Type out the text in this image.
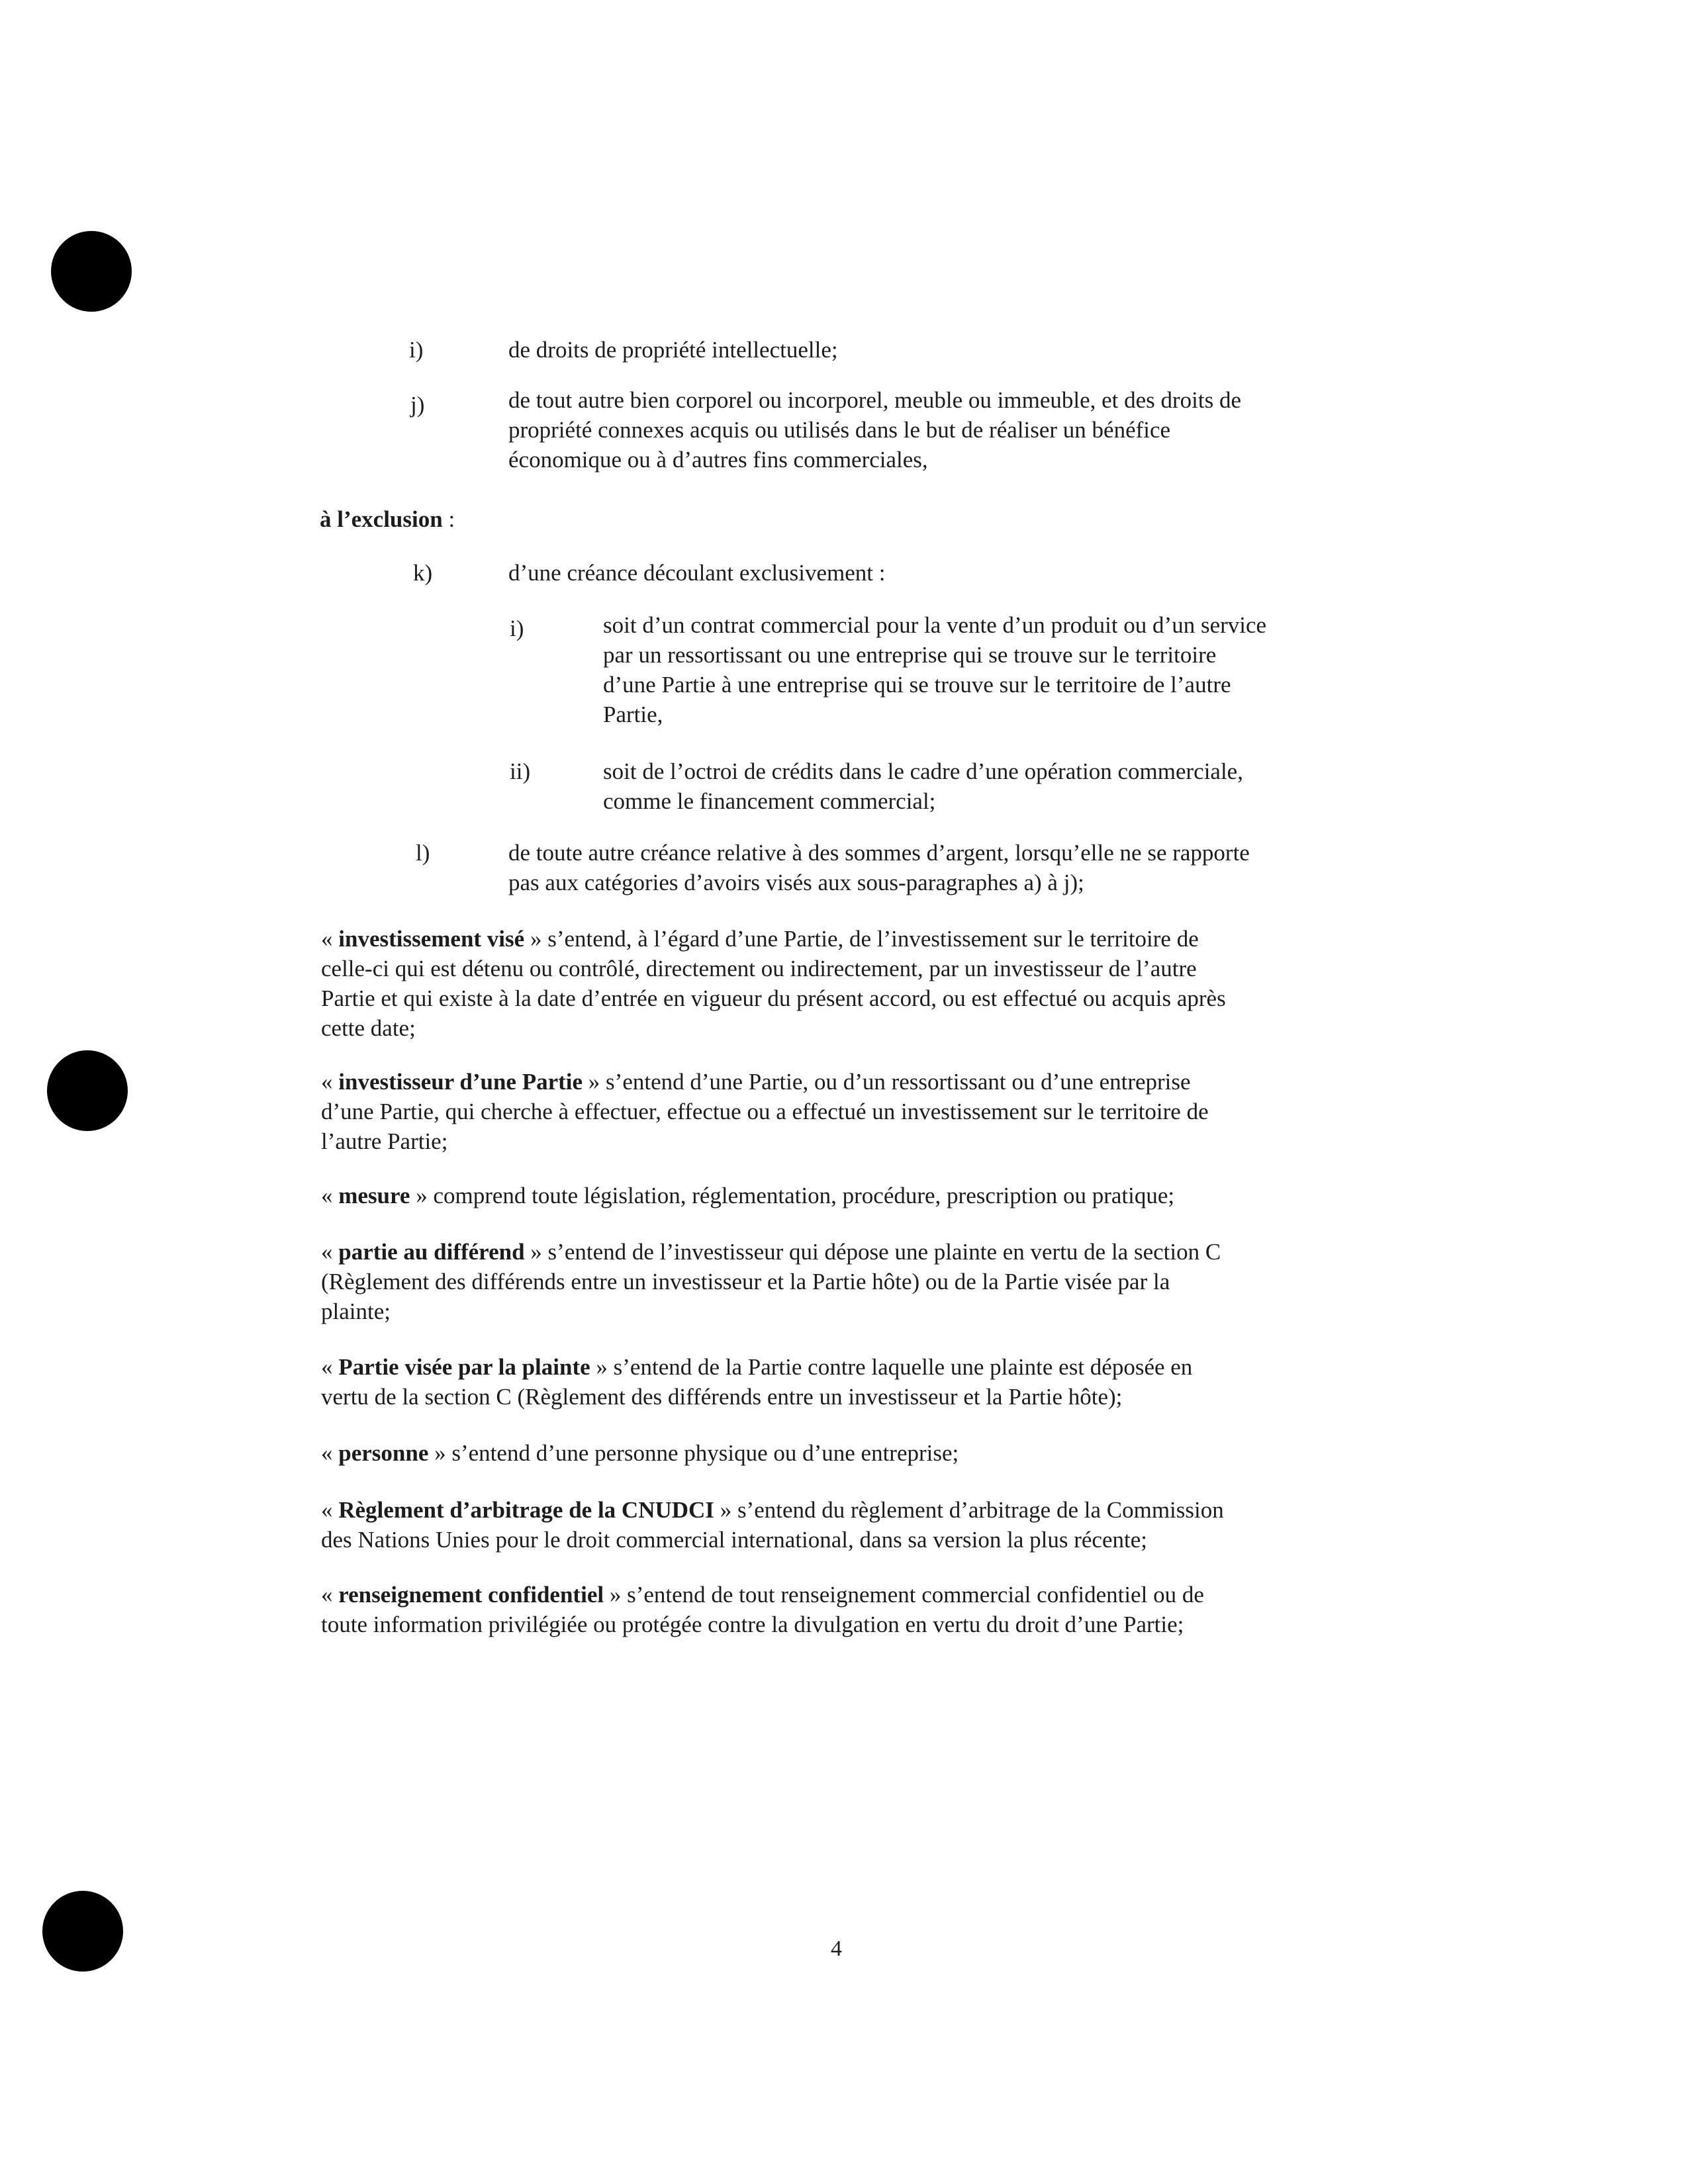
i)	de droits de propriété intellectuelle;
j)	de tout autre bien corporel ou incorporel, meuble ou immeuble, et des droits de
propriété connexes acquis ou utilisés dans le but de réaliser un bénéfice
économique ou à d’autres fins commerciales,
à l’exclusion :
k)	d’une créance découlant exclusivement :
i)	soit d’un contrat commercial pour la vente d’un produit ou d’un service
par un ressortissant ou une entreprise qui se trouve sur le territoire
d’une Partie à une entreprise qui se trouve sur le territoire de l’autre
Partie,
ii)	soit de l’octroi de crédits dans le cadre d’une opération commerciale,
comme le financement commercial;
l)	de toute autre créance relative à des sommes d’argent, lorsqu’elle ne se rapporte
pas aux catégories d’avoirs visés aux sous-paragraphes a) à j);
« investissement visé » s’entend, à l’égard d’une Partie, de l’investissement sur le territoire de
celle-ci qui est détenu ou contrôlé, directement ou indirectement, par un investisseur de l’autre
Partie et qui existe à la date d’entrée en vigueur du présent accord, ou est effectué ou acquis après
cette date;
« investisseur d’une Partie » s’entend d’une Partie, ou d’un ressortissant ou d’une entreprise
d’une Partie, qui cherche à effectuer, effectue ou a effectué un investissement sur le territoire de
l’autre Partie;
« mesure » comprend toute législation, réglementation, procédure, prescription ou pratique;
« partie au différend » s’entend de l’investisseur qui dépose une plainte en vertu de la section C
(Règlement des différends entre un investisseur et la Partie hôte) ou de la Partie visée par la
plainte;
« Partie visée par la plainte » s’entend de la Partie contre laquelle une plainte est déposée en
vertu de la section C (Règlement des différends entre un investisseur et la Partie hôte);
« personne » s’entend d’une personne physique ou d’une entreprise;
« Règlement d’arbitrage de la CNUDCI » s’entend du règlement d’arbitrage de la Commission
des Nations Unies pour le droit commercial international, dans sa version la plus récente;
« renseignement confidentiel » s’entend de tout renseignement commercial confidentiel ou de
toute information privilégiée ou protégée contre la divulgation en vertu du droit d’une Partie;
4
